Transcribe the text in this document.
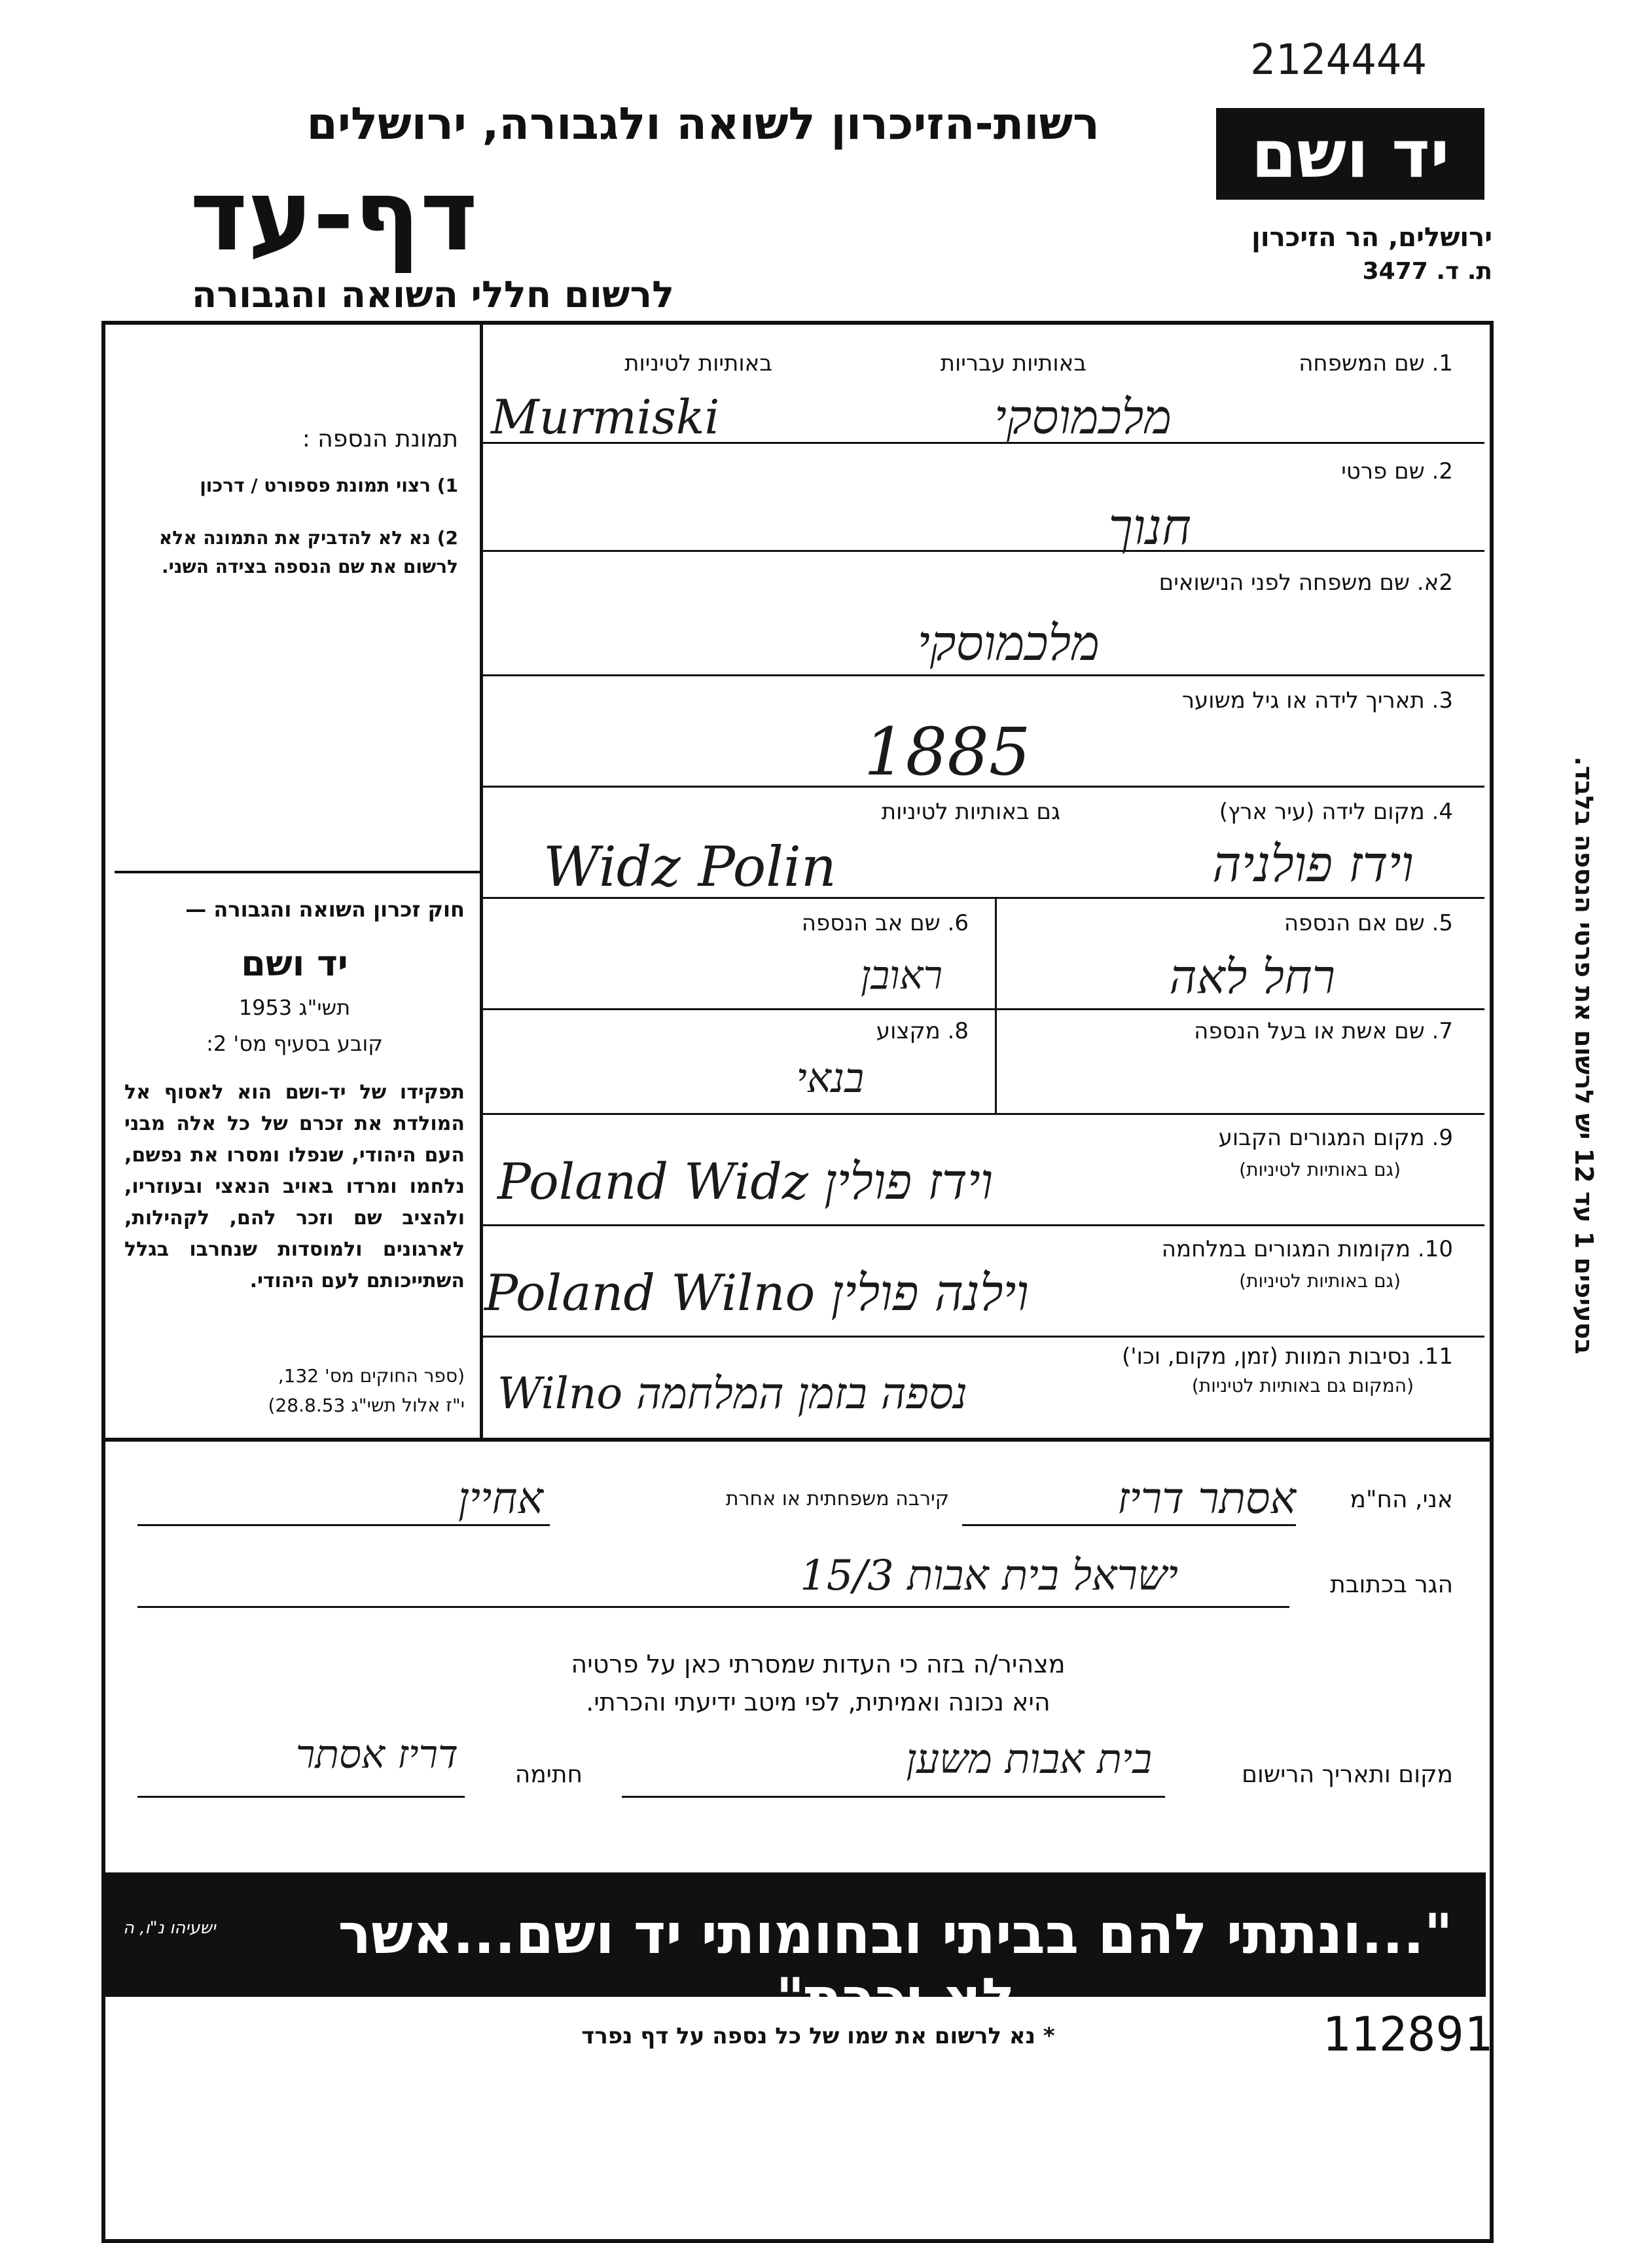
2124444
רשות-הזיכרון לשואה ולגבורה, ירושלים
דף-עד
לרשום חללי השואה והגבורה
יד ושם
ירושלים, הר הזיכרון
ת. ד. 3477
תמונת הנספה :
1) רצוי תמונת פספורט / דרכון
2) נא לא להדביק את התמונה אלא לרשום את שם הנספה בצידה השני.
חוק זכרון השואה והגבורה —
יד ושם
תשי"ג 1953
קובע בסעיף מס' 2:
תפקידו של יד-ושם הוא לאסוף אל המולדת את זכרם של כל אלה מבני העם היהודי, שנפלו ומסרו את נפשם, נלחמו ומרדו באויב הנאצי ובעוזריו, ולהציב שם וזכר להם, לקהילות, לארגונים ולמוסדות שנחרבו בגלל השתייכותם לעם היהודי.
(ספר החוקים מס' 132,
י"ז אלול תשי"ג 28.8.53)
1. שם המשפחה
באותיות עבריות
באותיות לטיניות
מלכמוסקי
Murmiski
2. שם פרטי
חנוך
2א. שם משפחה לפני הנישואים
מלכמוסקי
3. תאריך לידה או גיל משוער
1885
4. מקום לידה (עיר ארץ)
גם באותיות לטיניות
וידז פולניה
Widz Polin
5. שם אם הנספה
רחל לאה
6. שם אב הנספה
ראובן
7. שם אשת או בעל הנספה
8. מקצוע
בנאי
9. מקום המגורים הקבוע
(גם באותיות לטיניות)
Poland Widz וידז פולין
10. מקומות המגורים במלחמה
(גם באותיות לטיניות)
Poland Wilno וילנה פולין
11. נסיבות המוות (זמן, מקום, וכו')
(המקום גם באותיות לטיניות)
Wilno נספה בזמן המלחמה
אני, הח"מ
אסתר דריז
קירבה משפחתית או אחרת
אחיין
הגר בכתובת
ישראל בית אבות 15/3
מצהיר/ה בזה כי העדות שמסרתי כאן על פרטיה
היא נכונה ואמיתית, לפי מיטב ידיעתי והכרתי.
מקום ותאריך הרישום
בית אבות משען
חתימה
דריז אסתר
ישעיהו נ"ו, ה	"...ונתתי להם בביתי ובחומותי יד ושם...אשר לא יכרת"
בסעיפים 1 עד 12 יש לרשום את פרטי הנספה בלבד.
* נא לרשום את שמו של כל נספה על דף נפרד	112891
